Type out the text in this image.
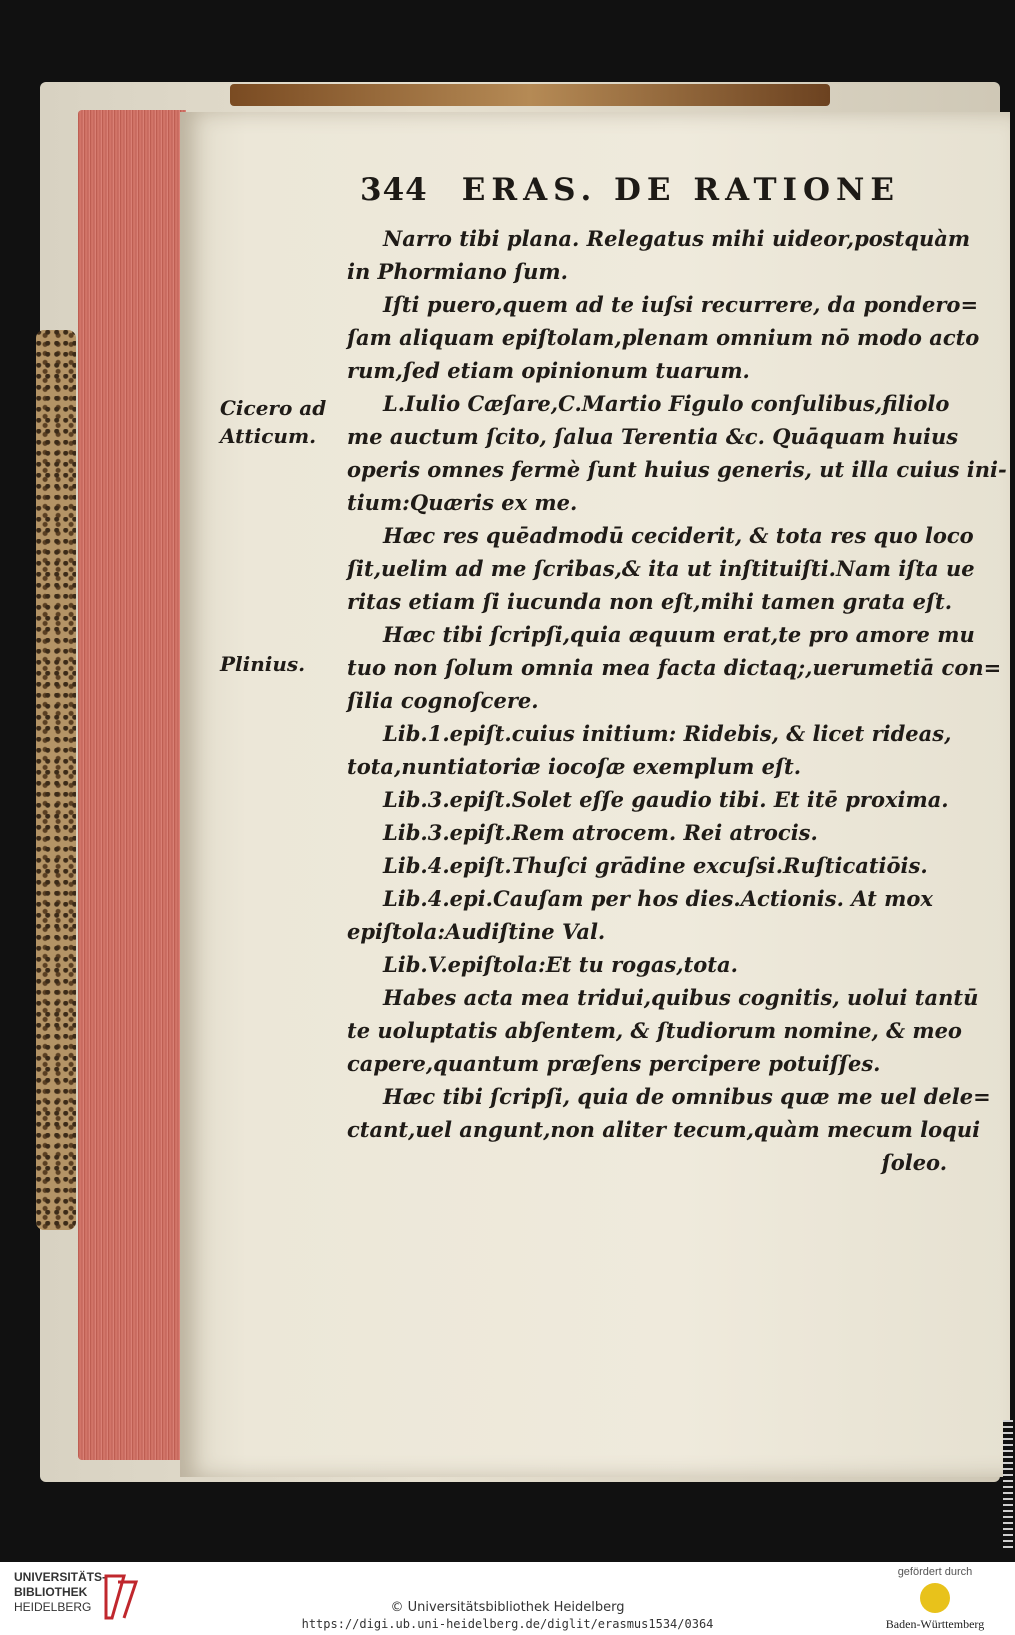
344 ERAS. DE RATIONE
Cicero ad
Atticum.
Plinius.
Narro tibi plana. Relegatus mihi uideor,postquàm
in Phormiano ſum.
Iſti puero,quem ad te iuſsi recurrere, da pondero=
ſam aliquam epiſtolam,plenam omnium nō modo acto
rum,ſed etiam opinionum tuarum.
L.Iulio Cæſare,C.Martio Figulo conſulibus,filiolo
me auctum ſcito, ſalua Terentia &c. Quāquam huius
operis omnes fermè ſunt huius generis, ut illa cuius ini-
tium:Quæris ex me.
Hæc res quēadmodū ceciderit, & tota res quo loco
ſit,uelim ad me ſcribas,& ita ut inſtituiſti.Nam iſta ue
ritas etiam ſi iucunda non eſt,mihi tamen grata eſt.
Hæc tibi ſcripſi,quia æquum erat,te pro amore mu
tuo non ſolum omnia mea facta dictaq;,uerumetiā con=
ſilia cognoſcere.
Lib.1.epiſt.cuius initium: Ridebis, & licet rideas,
tota,nuntiatoriæ iocoſæ exemplum eſt.
Lib.3.epiſt.Solet eſſe gaudio tibi. Et itē proxima.
Lib.3.epiſt.Rem atrocem. Rei atrocis.
Lib.4.epiſt.Thuſci grādine excuſsi.Ruſticatiōis.
Lib.4.epi.Cauſam per hos dies.Actionis. At mox
epiſtola:Audiſtine Val.
Lib.V.epiſtola:Et tu rogas,tota.
Habes acta mea tridui,quibus cognitis, uolui tantū
te uoluptatis abſentem, & ſtudiorum nomine, & meo
capere,quantum præſens percipere potuiſſes.
Hæc tibi ſcripſi, quia de omnibus quæ me uel dele=
ctant,uel angunt,non aliter tecum,quàm mecum loqui
ſoleo.
UNIVERSITÄTS-
BIBLIOTHEK
HEIDELBERG	© Universitätsbibliothek Heidelberg
https://digi.ub.uni-heidelberg.de/diglit/erasmus1534/0364
gefördert durch
Baden-Württemberg
